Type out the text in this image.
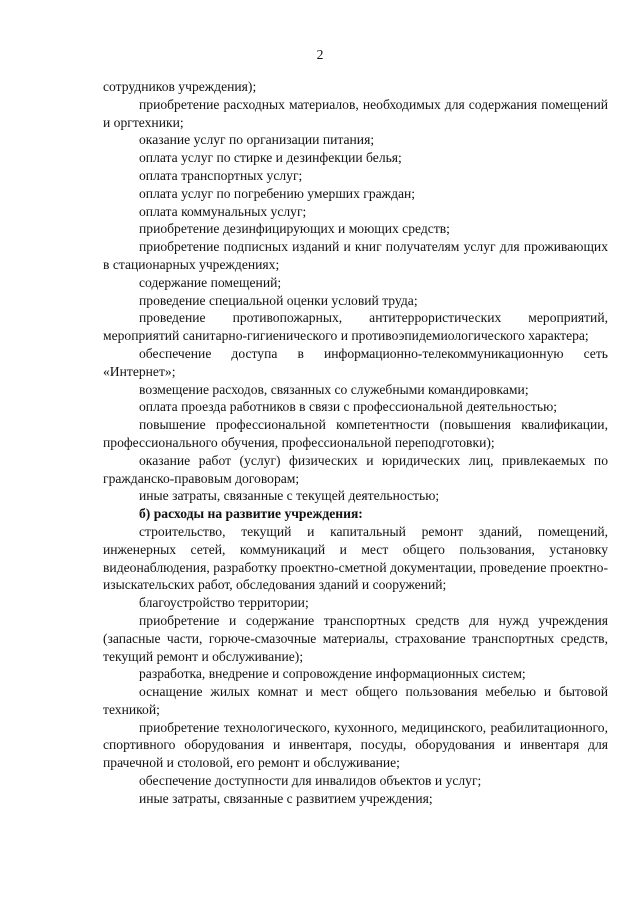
2

сотрудников учреждения);

приобретение расходных материалов, необходимых для содержания помещений и оргтехники;

оказание услуг по организации питания;

оплата услуг по стирке и дезинфекции белья;

оплата транспортных услуг;

оплата услуг по погребению умерших граждан;

оплата коммунальных услуг;

приобретение дезинфицирующих и моющих средств;

приобретение подписных изданий и книг получателям услуг для проживающих в стационарных учреждениях;

содержание помещений;

проведение специальной оценки условий труда;

проведение противопожарных, антитеррористических мероприятий, мероприятий санитарно-гигиенического и противоэпидемиологического характера;

обеспечение доступа в информационно-телекоммуникационную сеть «Интернет»;

возмещение расходов, связанных со служебными командировками;

оплата проезда работников в связи с профессиональной деятельностью;

повышение профессиональной компетентности (повышения квалификации, профессионального обучения, профессиональной переподготовки);

оказание работ (услуг) физических и юридических лиц, привлекаемых по гражданско-правовым договорам;

иные затраты, связанные с текущей деятельностью;

б) расходы на развитие учреждения:

строительство, текущий и капитальный ремонт зданий, помещений, инженерных сетей, коммуникаций и мест общего пользования, установку видеонаблюдения, разработку проектно-сметной документации, проведение проектно-изыскательских работ, обследования зданий и сооружений;

благоустройство территории;

приобретение и содержание транспортных средств для нужд учреждения (запасные части, горюче-смазочные материалы, страхование транспортных средств, текущий ремонт и обслуживание);

разработка, внедрение и сопровождение информационных систем;

оснащение жилых комнат и мест общего пользования мебелью и бытовой техникой;

приобретение технологического, кухонного, медицинского, реабилитационного, спортивного оборудования и инвентаря, посуды, оборудования и инвентаря для прачечной и столовой, его ремонт и обслуживание;

обеспечение доступности для инвалидов объектов и услуг;

иные затраты, связанные с развитием учреждения;
